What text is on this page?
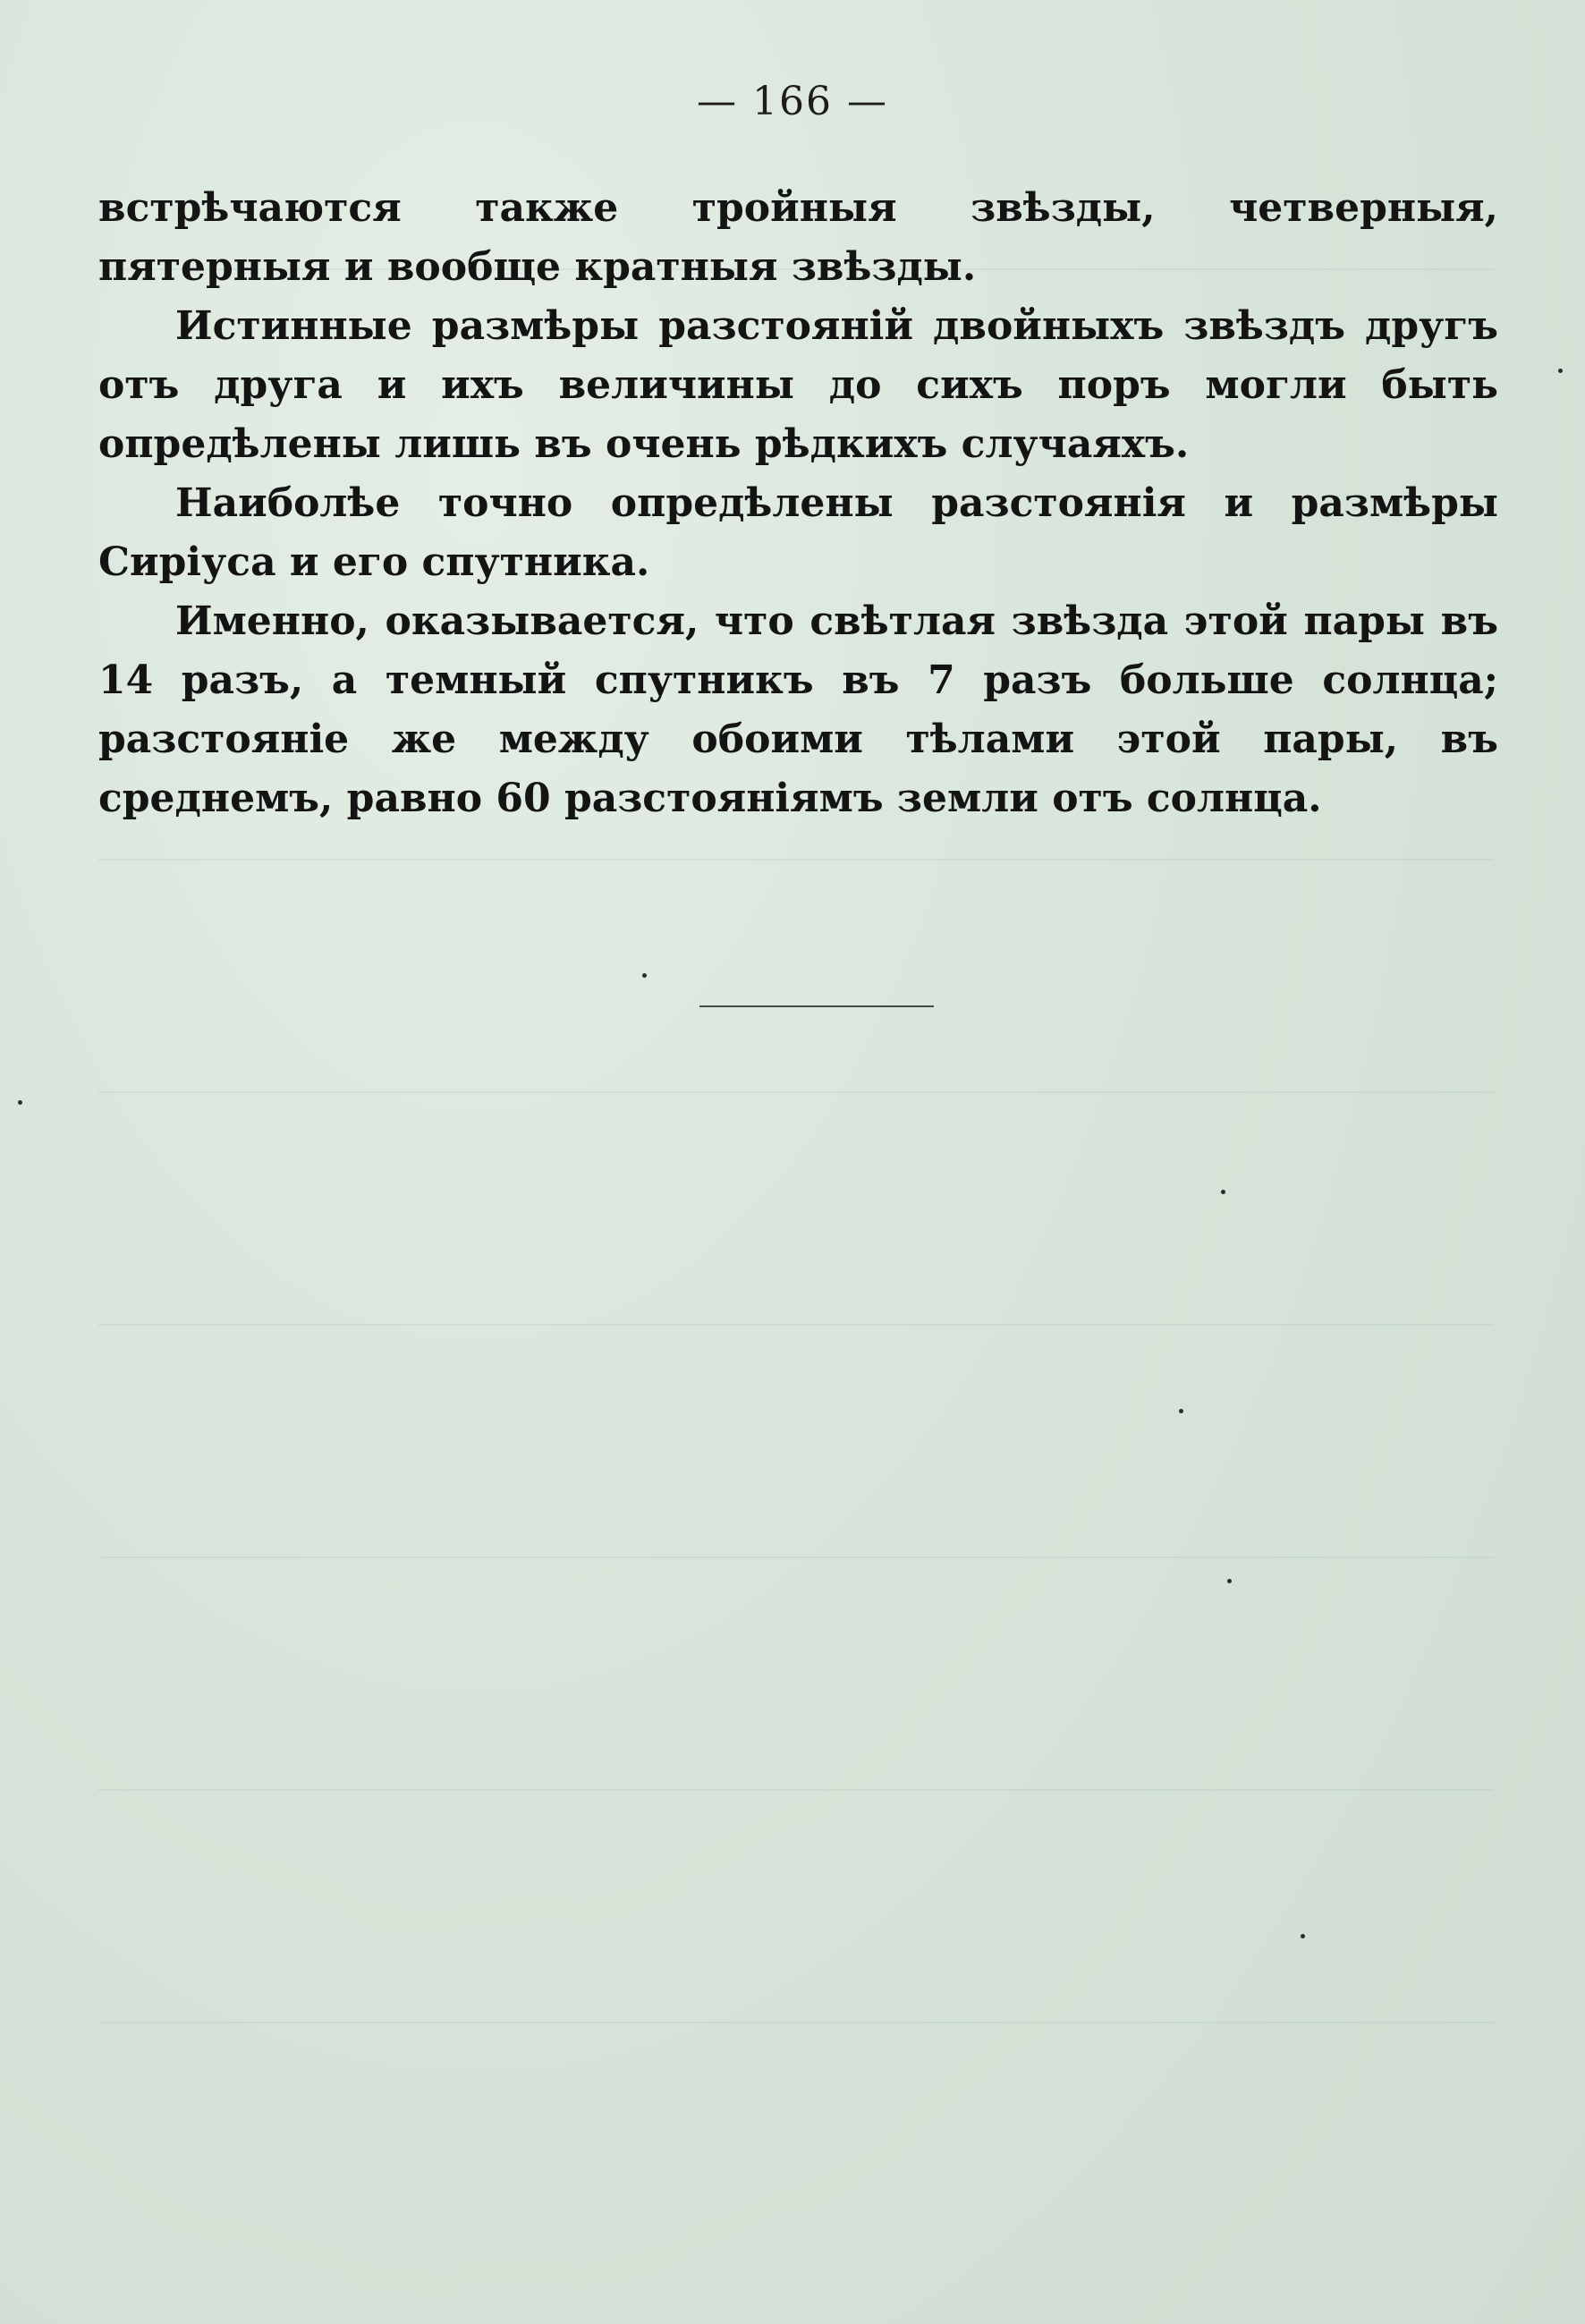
— 166 —

встрѣчаются также тройныя звѣзды, четверныя, пятерныя и вообще кратныя звѣзды.

Истинные размѣры разстояній двойныхъ звѣздъ другъ отъ друга и ихъ величины до сихъ поръ могли быть опредѣлены лишь въ очень рѣдкихъ случаяхъ.

Наиболѣе точно опредѣлены разстоянія и размѣры Сиріуса и его спутника.

Именно, оказывается, что свѣтлая звѣзда этой пары въ 14 разъ, а темный спутникъ въ 7 разъ больше солнца; разстояніе же между обоими тѣлами этой пары, въ среднемъ, равно 60 разстояніямъ земли отъ солнца.
